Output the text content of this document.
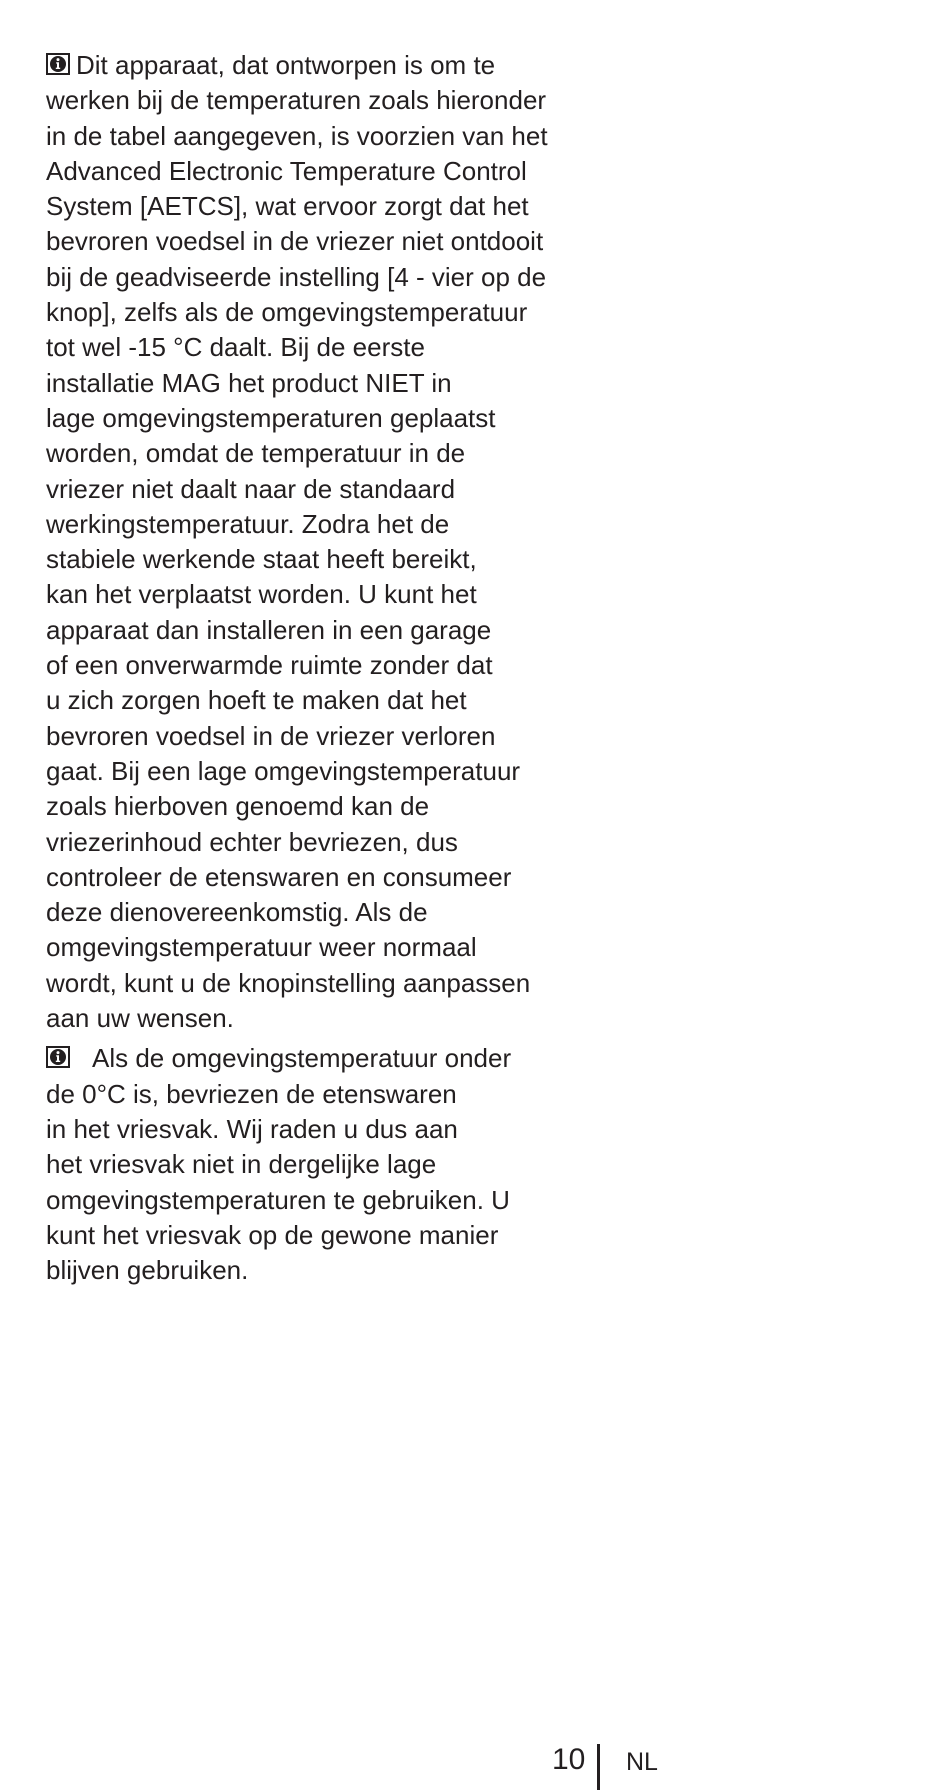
Dit apparaat, dat ontworpen is om te
werken bij de temperaturen zoals hieronder
in de tabel aangegeven, is voorzien van het
Advanced Electronic Temperature Control
System [AETCS], wat ervoor zorgt dat het
bevroren voedsel in de vriezer niet ontdooit
bij de geadviseerde instelling [4 - vier op de
knop], zelfs als de omgevingstemperatuur
tot wel -15 °C daalt. Bij de eerste
installatie MAG het product NIET in
lage omgevingstemperaturen geplaatst
worden, omdat de temperatuur in de
vriezer niet daalt naar de standaard
werkingstemperatuur. Zodra het de
stabiele werkende staat heeft bereikt,
kan het verplaatst worden. U kunt het
apparaat dan installeren in een garage
of een onverwarmde ruimte zonder dat
u zich zorgen hoeft te maken dat het
bevroren voedsel in de vriezer verloren
gaat. Bij een lage omgevingstemperatuur
zoals hierboven genoemd kan de
vriezerinhoud echter bevriezen, dus
controleer de etenswaren en consumeer
deze dienovereenkomstig. Als de
omgevingstemperatuur weer normaal
wordt, kunt u de knopinstelling aanpassen
aan uw wensen.
Als de omgevingstemperatuur onder
de 0°C is, bevriezen de etenswaren
in het vriesvak. Wij raden u dus aan
het vriesvak niet in dergelijke lage
omgevingstemperaturen te gebruiken. U
kunt het vriesvak op de gewone manier
blijven gebruiken.
10 NL
